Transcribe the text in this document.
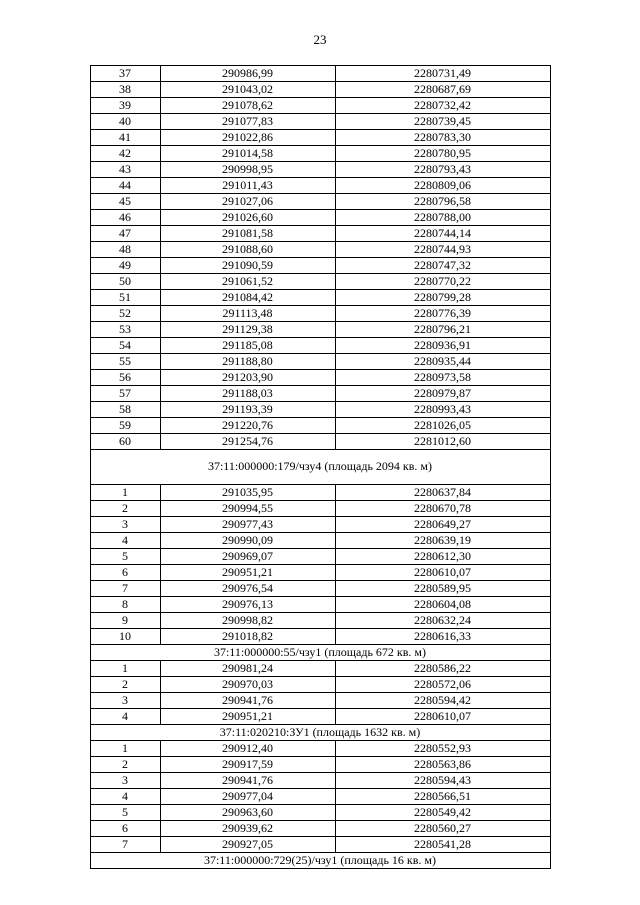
23
37	290986,99	2280731,49
38	291043,02	2280687,69
39	291078,62	2280732,42
40	291077,83	2280739,45
41	291022,86	2280783,30
42	291014,58	2280780,95
43	290998,95	2280793,43
44	291011,43	2280809,06
45	291027,06	2280796,58
46	291026,60	2280788,00
47	291081,58	2280744,14
48	291088,60	2280744,93
49	291090,59	2280747,32
50	291061,52	2280770,22
51	291084,42	2280799,28
52	291113,48	2280776,39
53	291129,38	2280796,21
54	291185,08	2280936,91
55	291188,80	2280935,44
56	291203,90	2280973,58
57	291188,03	2280979,87
58	291193,39	2280993,43
59	291220,76	2281026,05
60	291254,76	2281012,60
37:11:000000:179/чзу4 (площадь 2094 кв. м)		
1	291035,95	2280637,84
2	290994,55	2280670,78
3	290977,43	2280649,27
4	290990,09	2280639,19
5	290969,07	2280612,30
6	290951,21	2280610,07
7	290976,54	2280589,95
8	290976,13	2280604,08
9	290998,82	2280632,24
10	291018,82	2280616,33
37:11:000000:55/чзу1 (площадь 672 кв. м)		
1	290981,24	2280586,22
2	290970,03	2280572,06
3	290941,76	2280594,42
4	290951,21	2280610,07
37:11:020210:ЗУ1 (площадь 1632 кв. м)		
1	290912,40	2280552,93
2	290917,59	2280563,86
3	290941,76	2280594,43
4	290977,04	2280566,51
5	290963,60	2280549,42
6	290939,62	2280560,27
7	290927,05	2280541,28
37:11:000000:729(25)/чзу1 (площадь 16 кв. м)		
